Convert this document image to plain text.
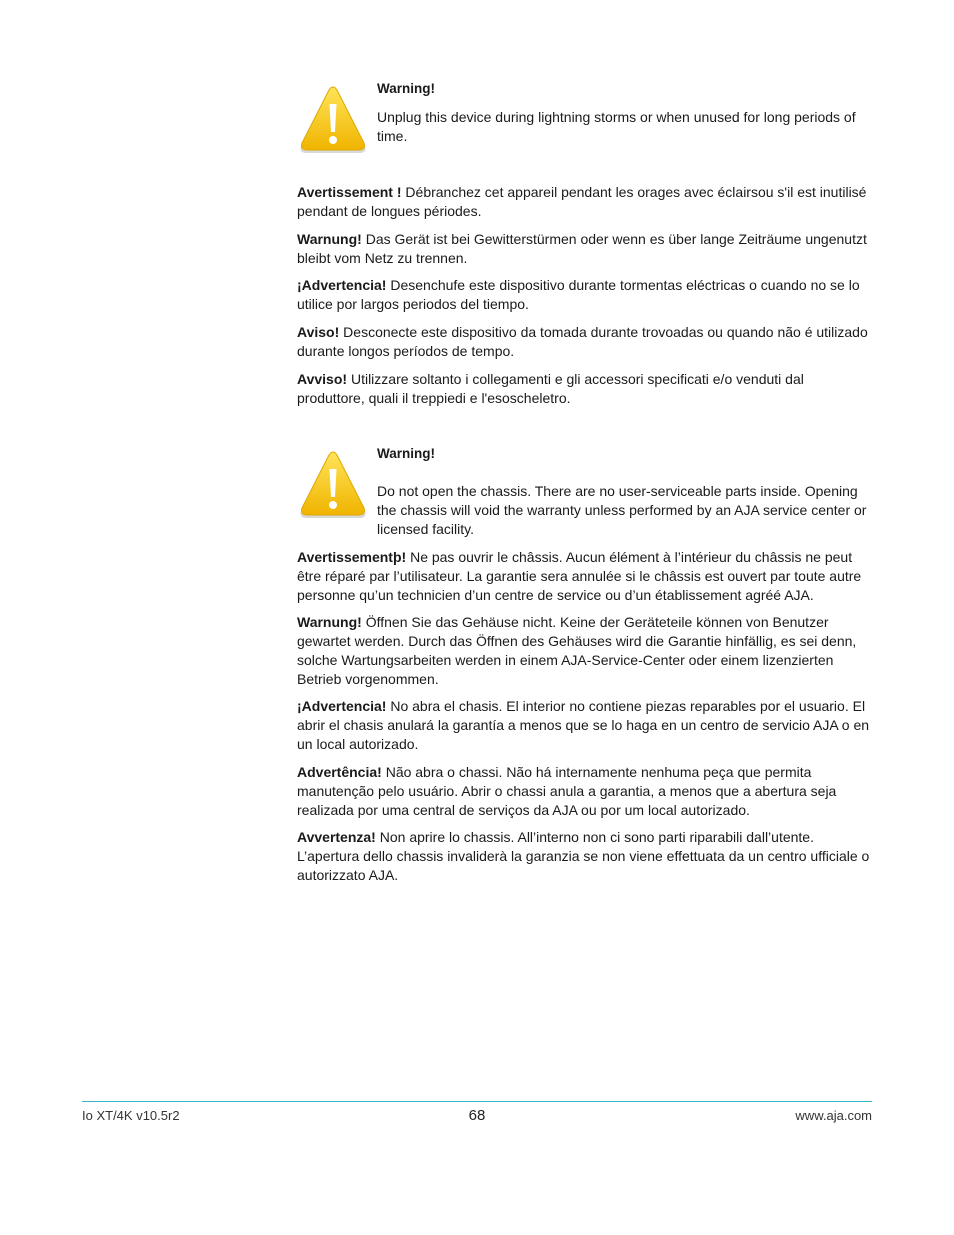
Warning!
Unplug this device during lightning storms or when unused for long periods of time.

Avertissement ! Débranchez cet appareil pendant les orages avec éclairsou s'il est inutilisé pendant de longues périodes.

Warnung! Das Gerät ist bei Gewitterstürmen oder wenn es über lange Zeiträume ungenutzt bleibt vom Netz zu trennen.

¡Advertencia! Desenchufe este dispositivo durante tormentas eléctricas o cuando no se lo utilice por largos periodos del tiempo.

Aviso! Desconecte este dispositivo da tomada durante trovoadas ou quando não é utilizado durante longos períodos de tempo.

Avviso! Utilizzare soltanto i collegamenti e gli accessori specificati e/o venduti dal produttore, quali il treppiedi e l'esoscheletro.

Warning!
Do not open the chassis. There are no user-serviceable parts inside. Opening the chassis will void the warranty unless performed by an AJA service center or licensed facility.

Avertissementþ! Ne pas ouvrir le châssis. Aucun élément à l’intérieur du châssis ne peut être réparé par l’utilisateur. La garantie sera annulée si le châssis est ouvert par toute autre personne qu’un technicien d’un centre de service ou d’un établissement agréé AJA.

Warnung! Öffnen Sie das Gehäuse nicht. Keine der Geräteteile können von Benutzer gewartet werden. Durch das Öffnen des Gehäuses wird die Garantie hinfällig, es sei denn, solche Wartungsarbeiten werden in einem AJA-Service-Center oder einem lizenzierten Betrieb vorgenommen.

¡Advertencia! No abra el chasis. El interior no contiene piezas reparables por el usuario. El abrir el chasis anulará la garantía a menos que se lo haga en un centro de servicio AJA o en un local autorizado.

Advertência! Não abra o chassi. Não há internamente nenhuma peça que permita manutenção pelo usuário. Abrir o chassi anula a garantia, a menos que a abertura seja realizada por uma central de serviços da AJA ou por um local autorizado.

Avvertenza! Non aprire lo chassis. All’interno non ci sono parti riparabili dall’utente. L’apertura dello chassis invaliderà la garanzia se non viene effettuata da un centro ufficiale o autorizzato AJA.

Io XT/4K v10.5r2	68	www.aja.com
